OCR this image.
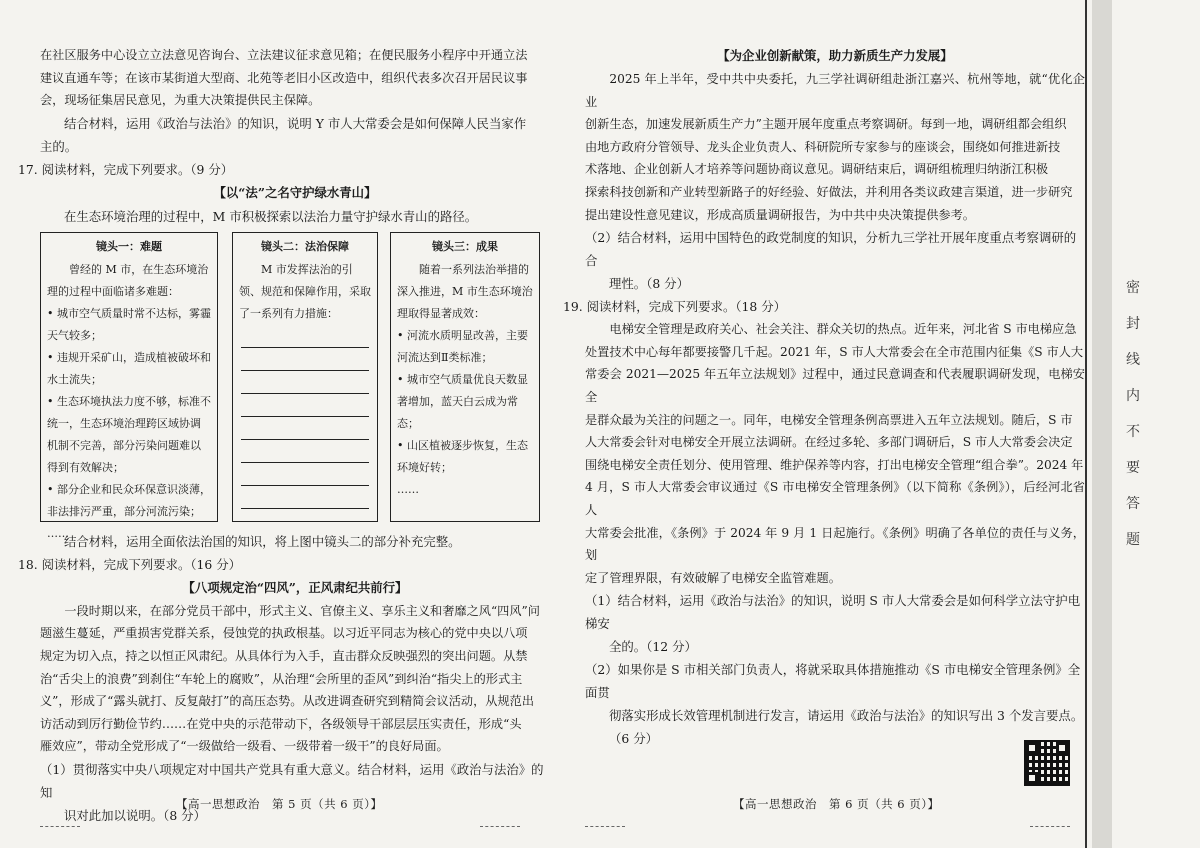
在社区服务中心设立立法意见咨询台、立法建议征求意见箱；在便民服务小程序中开通立法

建议直通车等；在该市某街道大型商、北苑等老旧小区改造中，组织代表多次召开居民议事

会，现场征集居民意见，为重大决策提供民主保障。

结合材料，运用《政治与法治》的知识，说明 Y 市人大常委会是如何保障人民当家作

主的。

17. 阅读材料，完成下列要求。（9 分）

【以“法”之名守护绿水青山】

在生态环境治理的过程中，M 市积极探索以法治力量守护绿水青山的路径。

镜头一：难题

曾经的 M 市，在生态环境治理的过程中面临诸多难题：

• 城市空气质量时常不达标，雾霾天气较多；

• 违规开采矿山，造成植被破坏和水土流失；

• 生态环境执法力度不够，标准不统一，生态环境治理跨区域协调机制不完善，部分污染问题难以得到有效解决；

• 部分企业和民众环保意识淡薄，非法排污严重，部分河流污染；

……

镜头二：法治保障

M 市发挥法治的引领、规范和保障作用，采取了一系列有力措施：

镜头三：成果

随着一系列法治举措的深入推进，M 市生态环境治理取得显著成效：

• 河流水质明显改善，主要河流达到Ⅱ类标准；

• 城市空气质量优良天数显著增加，蓝天白云成为常态；

• 山区植被逐步恢复，生态环境好转；

……

结合材料，运用全面依法治国的知识，将上图中镜头二的部分补充完整。

18. 阅读材料，完成下列要求。（16 分）

【八项规定治“四风”，正风肃纪共前行】

一段时期以来，在部分党员干部中，形式主义、官僚主义、享乐主义和奢靡之风“四风”问

题滋生蔓延，严重损害党群关系，侵蚀党的执政根基。以习近平同志为核心的党中央以八项

规定为切入点，持之以恒正风肃纪。从具体行为入手，直击群众反映强烈的突出问题。从禁

治“舌尖上的浪费”到刹住“车轮上的腐败”，从治理“会所里的歪风”到纠治“指尖上的形式主

义”，形成了“露头就打、反复敲打”的高压态势。从改进调查研究到精简会议活动，从规范出

访活动到厉行勤俭节约……在党中央的示范带动下，各级领导干部层层压实责任，形成“头

雁效应”，带动全党形成了“一级做给一级看、一级带着一级干”的良好局面。

（1）贯彻落实中央八项规定对中国共产党具有重大意义。结合材料，运用《政治与法治》的知

识对此加以说明。（8 分）

【高一思想政治　第 5 页（共 6 页）】

【为企业创新献策，助力新质生产力发展】

2025 年上半年，受中共中央委托，九三学社调研组赴浙江嘉兴、杭州等地，就“优化企业

创新生态，加速发展新质生产力”主题开展年度重点考察调研。每到一地，调研组都会组织

由地方政府分管领导、龙头企业负责人、科研院所专家参与的座谈会，围绕如何推进新技

术落地、企业创新人才培养等问题协商议意见。调研结束后，调研组梳理归纳浙江积极

探索科技创新和产业转型新路子的好经验、好做法，并利用各类议政建言渠道，进一步研究

提出建设性意见建议，形成高质量调研报告，为中共中央决策提供参考。

（2）结合材料，运用中国特色的政党制度的知识，分析九三学社开展年度重点考察调研的合

理性。（8 分）

19. 阅读材料，完成下列要求。（18 分）

电梯安全管理是政府关心、社会关注、群众关切的热点。近年来，河北省 S 市电梯应急

处置技术中心每年都要接警几千起。2021 年，S 市人大常委会在全市范围内征集《S 市人大

常委会 2021—2025 年五年立法规划》过程中，通过民意调查和代表履职调研发现，电梯安全

是群众最为关注的问题之一。同年，电梯安全管理条例高票进入五年立法规划。随后，S 市

人大常委会针对电梯安全开展立法调研。在经过多轮、多部门调研后，S 市人大常委会决定

围绕电梯安全责任划分、使用管理、维护保养等内容，打出电梯安全管理“组合拳”。2024 年

4 月，S 市人大常委会审议通过《S 市电梯安全管理条例》（以下简称《条例》），后经河北省人

大常委会批准，《条例》于 2024 年 9 月 1 日起施行。《条例》明确了各单位的责任与义务，划

定了管理界限，有效破解了电梯安全监管难题。

（1）结合材料，运用《政治与法治》的知识，说明 S 市人大常委会是如何科学立法守护电梯安

全的。（12 分）

（2）如果你是 S 市相关部门负责人，将就采取具体措施推动《S 市电梯安全管理条例》全面贯

彻落实形成长效管理机制进行发言，请运用《政治与法治》的知识写出 3 个发言要点。

（6 分）

【高一思想政治　第 6 页（共 6 页）】
密
封
线
内
不
要
答
题
